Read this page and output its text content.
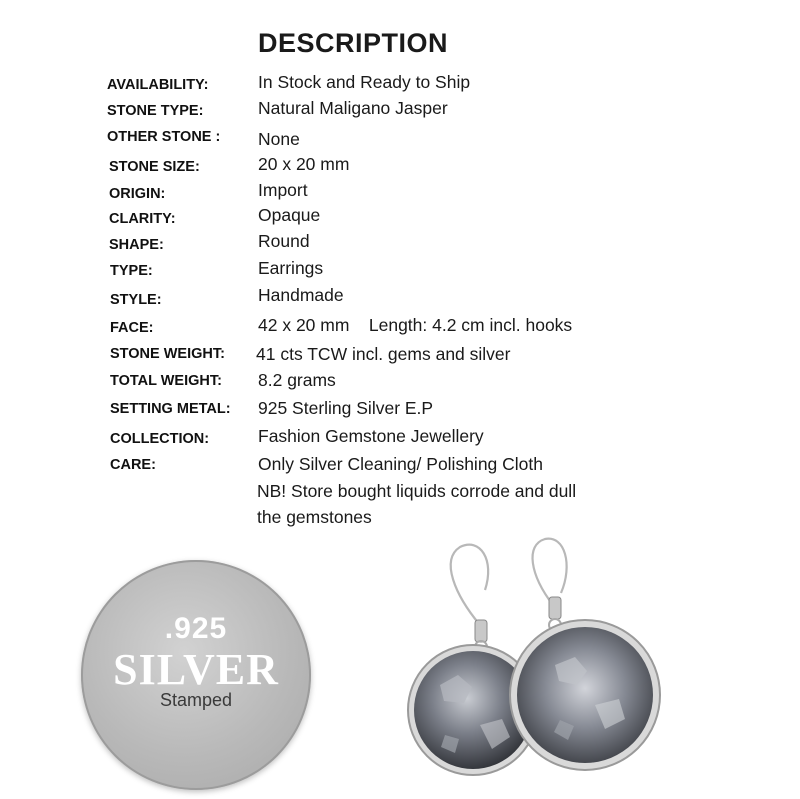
DESCRIPTION
AVAILABILITY:	In Stock and Ready to Ship
STONE TYPE:	Natural Maligano Jasper
OTHER STONE : None
STONE SIZE:	20 x 20 mm
ORIGIN:	Import
CLARITY:	Opaque
SHAPE:	Round
TYPE:	Earrings
STYLE:	Handmade
FACE:	42 x 20 mm    Length: 4.2 cm incl. hooks
STONE WEIGHT: 41 cts TCW incl. gems and silver
TOTAL WEIGHT: 8.2 grams
SETTING METAL: 925 Sterling Silver E.P
COLLECTION:	Fashion Gemstone Jewellery
CARE:	Only Silver Cleaning/ Polishing Cloth
NB! Store bought liquids corrode and dull
the gemstones
.925
SILVER
Stamped
